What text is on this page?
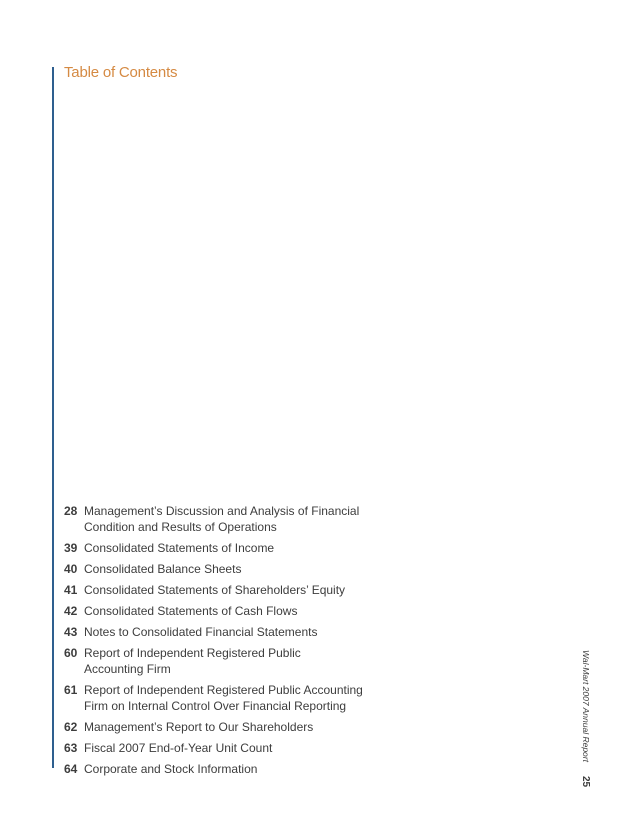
Table of Contents
28 Management’s Discussion and Analysis of Financial Condition and Results of Operations
39 Consolidated Statements of Income
40 Consolidated Balance Sheets
41 Consolidated Statements of Shareholders’ Equity
42 Consolidated Statements of Cash Flows
43 Notes to Consolidated Financial Statements
60 Report of Independent Registered Public Accounting Firm
61 Report of Independent Registered Public Accounting Firm on Internal Control Over Financial Reporting
62 Management’s Report to Our Shareholders
63 Fiscal 2007 End-of-Year Unit Count
64 Corporate and Stock Information
Wal-Mart 2007 Annual Report
25
